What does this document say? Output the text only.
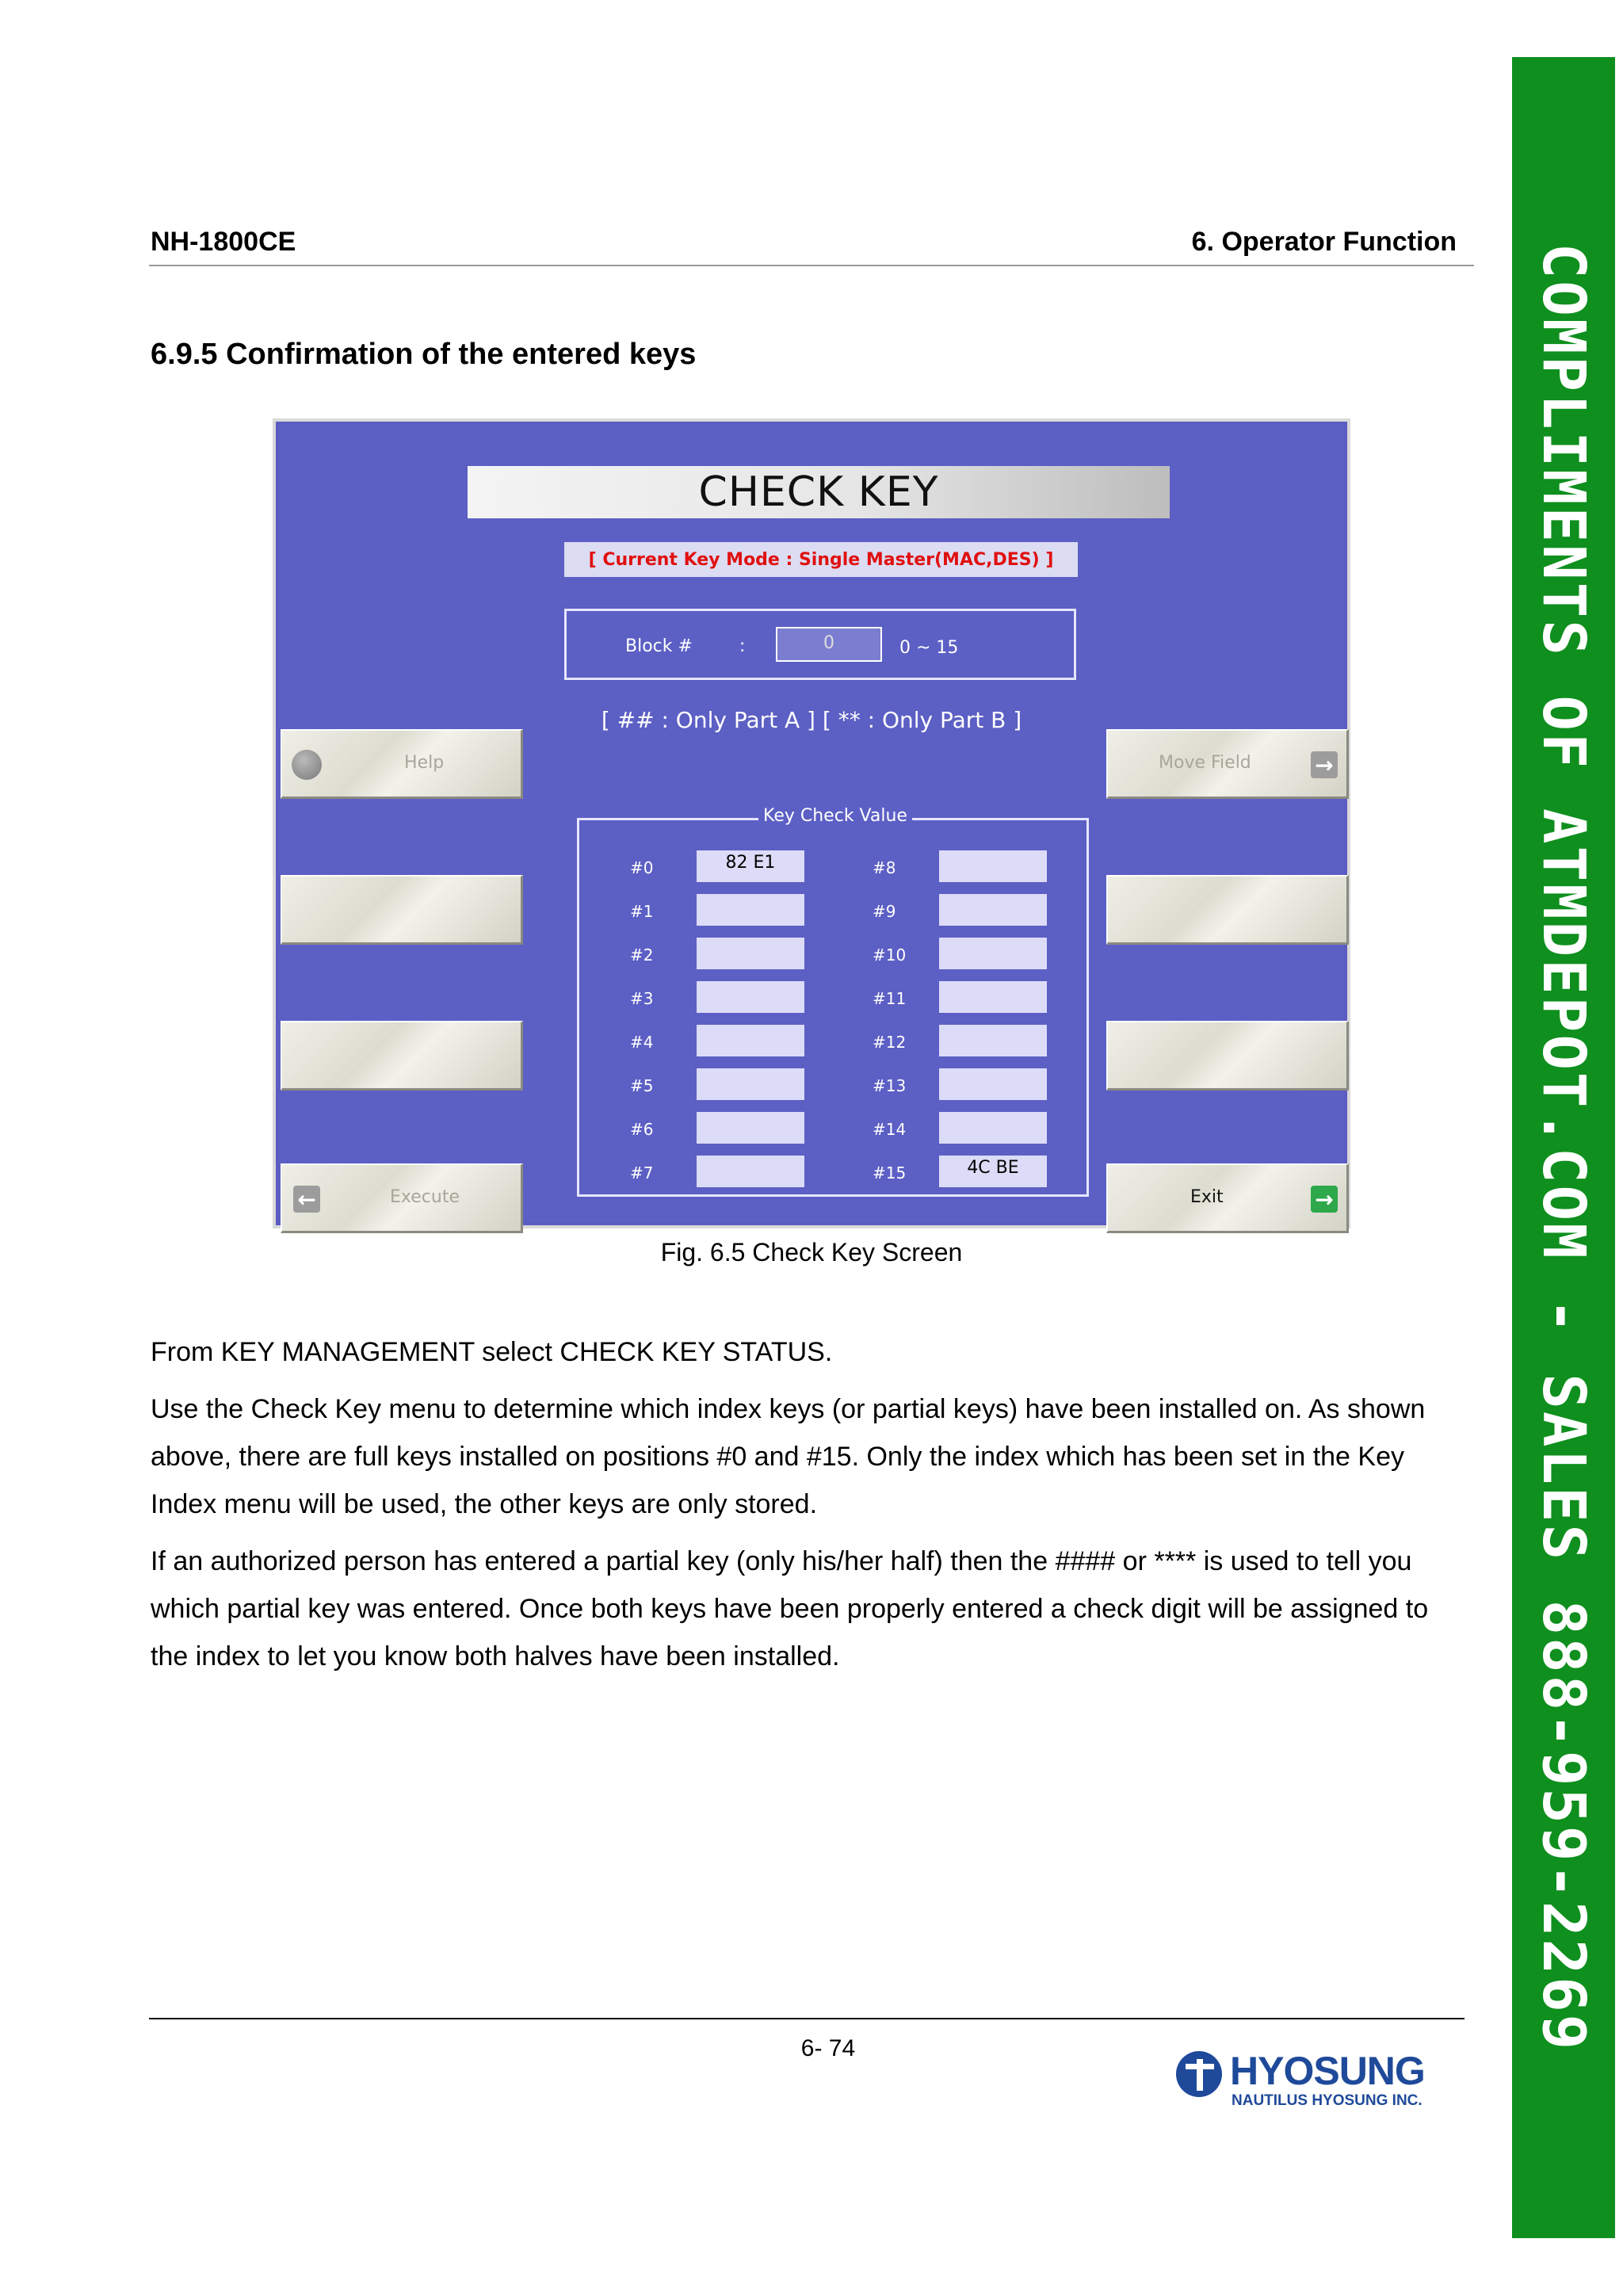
NH-1800CE	6. Operator Function
6.9.5 Confirmation of the entered keys
CHECK KEY
[ Current Key Mode : Single Master(MAC,DES) ]
Block #	:	0	0 ~ 15
[ ## : Only Part A ] [ ** : Only Part B ]
Help
←	Execute
Move Field	→
Exit	→
Key Check Value
#0	82 E1
#1
#2
#3
#4
#5
#6
#7
#8
#9
#10
#11
#12
#13
#14
#15	4C BE
Fig. 6.5 Check Key Screen
From KEY MANAGEMENT select CHECK KEY STATUS.
Use the Check Key menu to determine which index keys (or partial keys) have been installed on. As shown above, there are full keys installed on positions #0 and #15. Only the index which has been set in the Key Index menu will be used, the other keys are only stored.
If an authorized person has entered a partial key (only his/her half) then the #### or **** is used to tell you which partial key was entered. Once both keys have been properly entered a check digit will be assigned to the index to let you know both halves have been installed.
6- 74
HYOSUNG
NAUTILUS HYOSUNG INC.
COMPLIMENTS OF ATMDEPOT.COM - SALES 888-959-2269
